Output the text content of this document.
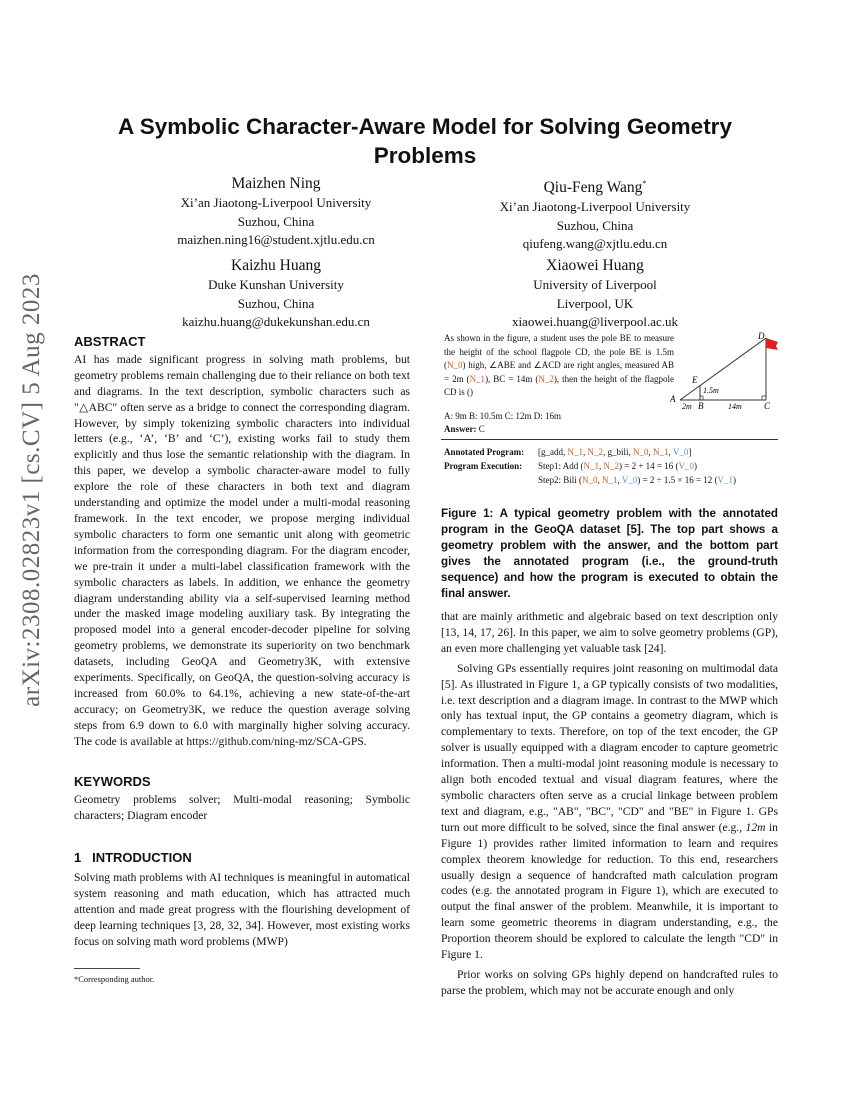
arXiv:2308.02823v1 [cs.CV] 5 Aug 2023
A Symbolic Character-Aware Model for Solving Geometry Problems
Maizhen Ning
Xi’an Jiaotong-Liverpool University
Suzhou, China
maizhen.ning16@student.xjtlu.edu.cn
Qiu-Feng Wang*
Xi’an Jiaotong-Liverpool University
Suzhou, China
qiufeng.wang@xjtlu.edu.cn
Kaizhu Huang
Duke Kunshan University
Suzhou, China
kaizhu.huang@dukekunshan.edu.cn
Xiaowei Huang
University of Liverpool
Liverpool, UK
xiaowei.huang@liverpool.ac.uk
ABSTRACT

AI has made significant progress in solving math problems, but geometry problems remain challenging due to their reliance on both text and diagrams. In the text description, symbolic characters such as "△ABC" often serve as a bridge to connect the corresponding diagram. However, by simply tokenizing symbolic characters into individual letters (e.g., ‘A’, ‘B’ and ‘C’), existing works fail to study them explicitly and thus lose the semantic relationship with the diagram. In this paper, we develop a symbolic character-aware model to fully explore the role of these characters in both text and diagram understanding and optimize the model under a multi-modal reasoning framework. In the text encoder, we propose merging individual symbolic characters to form one semantic unit along with geometric information from the corresponding diagram. For the diagram encoder, we pre-train it under a multi-label classification framework with the symbolic characters as labels. In addition, we enhance the geometry diagram understanding ability via a self-supervised learning method under the masked image modeling auxiliary task. By integrating the proposed model into a general encoder-decoder pipeline for solving geometry problems, we demonstrate its superiority on two benchmark datasets, including GeoQA and Geometry3K, with extensive experiments. Specifically, on GeoQA, the question-solving accuracy is increased from 60.0% to 64.1%, achieving a new state-of-the-art accuracy; on Geometry3K, we reduce the question average solving steps from 6.9 down to 6.0 with marginally higher solving accuracy. The code is available at https://github.com/ning-mz/SCA-GPS.

KEYWORDS

Geometry problems solver; Multi-modal reasoning; Symbolic characters; Diagram encoder

1 INTRODUCTION

Solving math problems with AI techniques is meaningful in automatical system reasoning and math education, which has attracted much attention and made great progress with the flourishing development of deep learning techniques [3, 28, 32, 34]. However, most existing works focus on solving math word problems (MWP)

*Corresponding author.
As shown in the figure, a student uses the pole BE to measure the height of the school flagpole CD, the pole BE is 1.5m (N_0) high, ∠ABE and ∠ACD are right angles, measured AB = 2m (N_1), BC = 14m (N_2), then the height of the flagpole CD is ()
A
B	C
D
E
1.5m
2m	14m
A: 9m B: 10.5m C: 12m D: 16m
Answer: C
Annotated Program: [g_add, N_1, N_2, g_bili, N_0, N_1, V_0]
Program Execution: Step1: Add (N_1, N_2) = 2 + 14 = 16 (V_0)
Step2: Bili (N_0, N_1, V_0) = 2 ÷ 1.5 × 16 = 12 (V_1)
Figure 1: A typical geometry problem with the annotated program in the GeoQA dataset [5]. The top part shows a geometry problem with the answer, and the bottom part gives the annotated program (i.e., the ground-truth sequence) and how the program is executed to obtain the final answer.

that are mainly arithmetic and algebraic based on text description only [13, 14, 17, 26]. In this paper, we aim to solve geometry problems (GP), an even more challenging yet valuable task [24].

Solving GPs essentially requires joint reasoning on multimodal data [5]. As illustrated in Figure 1, a GP typically consists of two modalities, i.e. text description and a diagram image. In contrast to the MWP which only has textual input, the GP contains a geometry diagram, which is complementary to texts. Therefore, on top of the text encoder, the GP solver is usually equipped with a diagram encoder to capture geometric information. Then a multi-modal joint reasoning module is necessary to align both encoded textual and visual diagram features, where the symbolic characters often serve as a crucial linkage between problem text and diagram, e.g., "AB", "BC", "CD" and "BE" in Figure 1. GPs turn out more difficult to be solved, since the final answer (e.g., 12m in Figure 1) provides rather limited information to learn and requires complex theorem knowledge for reduction. To this end, researchers usually design a sequence of handcrafted math calculation program codes (e.g. the annotated program in Figure 1), which are executed to output the final answer of the problem. Meanwhile, it is important to learn some geometric theorems in diagram understanding, e.g., the Proportion theorem should be explored to calculate the length "CD" in Figure 1.

Prior works on solving GPs highly depend on handcrafted rules to parse the problem, which may not be accurate enough and only
